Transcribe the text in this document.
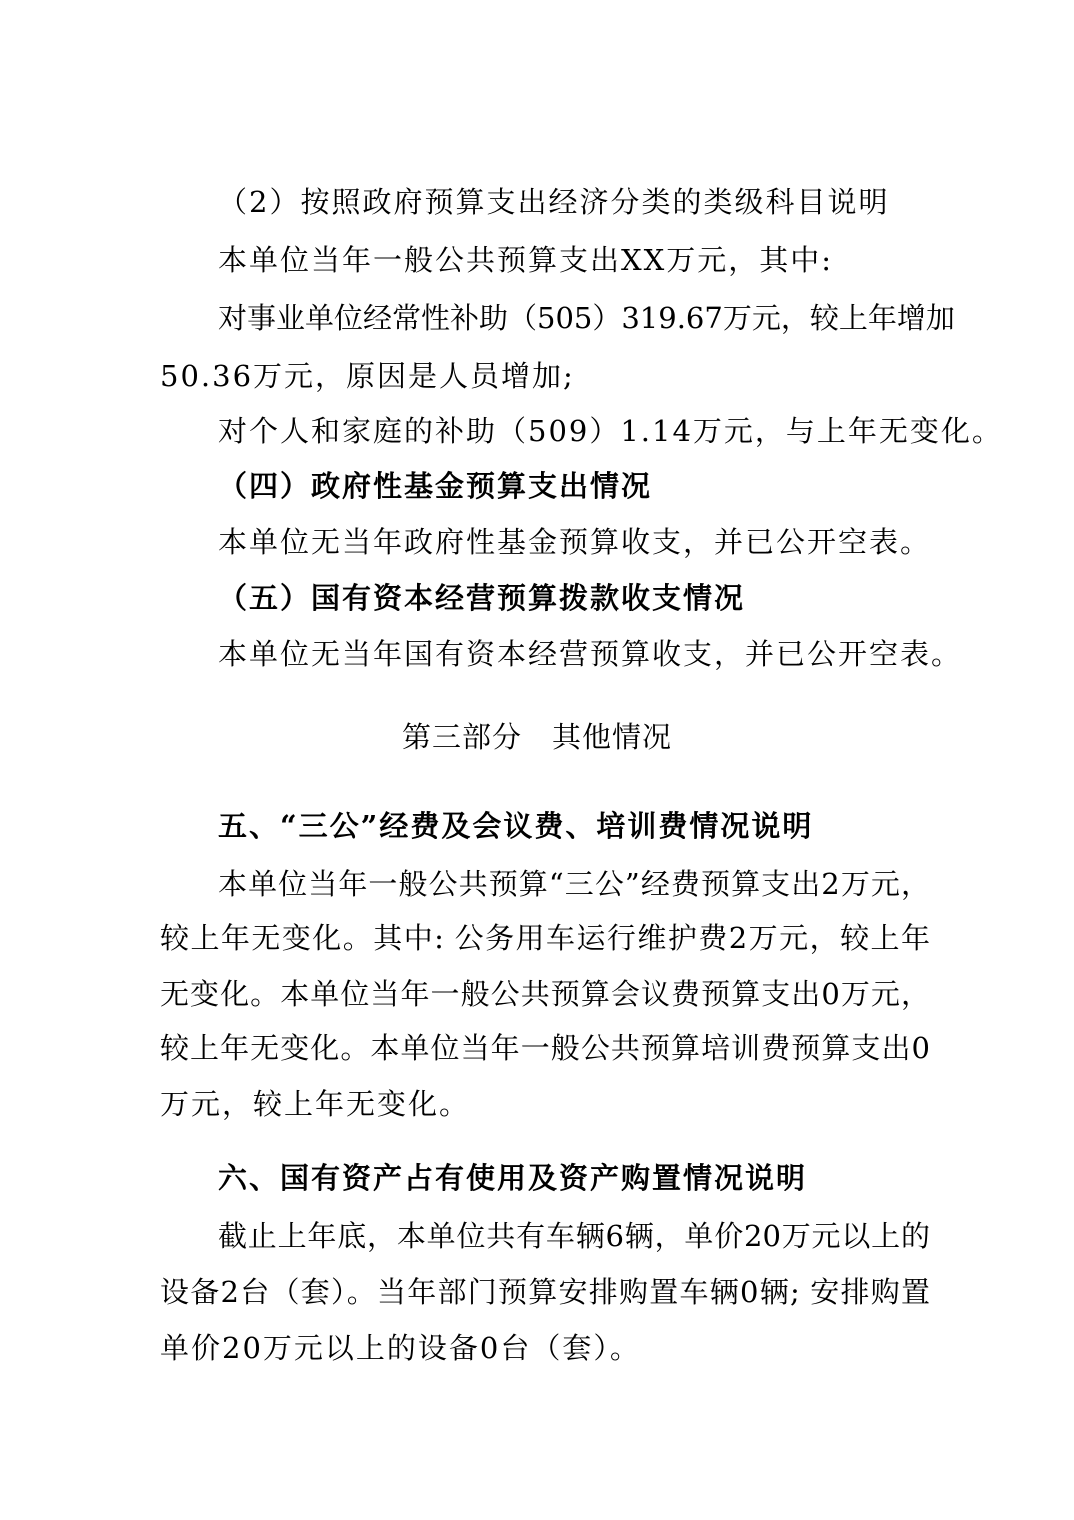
（2）按照政府预算支出经济分类的类级科目说明

本单位当年一般公共预算支出XX万元，其中:

对事业单位经常性补助（505）319.67万元，较上年增加

50.36万元，原因是人员增加;

对个人和家庭的补助（509）1.14万元，与上年无变化。

（四）政府性基金预算支出情况

本单位无当年政府性基金预算收支，并已公开空表。

（五）国有资本经营预算拨款收支情况

本单位无当年国有资本经营预算收支，并已公开空表。

第三部分　其他情况

五、“三公”经费及会议费、培训费情况说明

本单位当年一般公共预算“三公”经费预算支出2万元，

较上年无变化。其中: 公务用车运行维护费2万元，较上年

无变化。本单位当年一般公共预算会议费预算支出0万元，

较上年无变化。本单位当年一般公共预算培训费预算支出0

万元，较上年无变化。

六、国有资产占有使用及资产购置情况说明

截止上年底，本单位共有车辆6辆，单价20万元以上的

设备2台（套）。当年部门预算安排购置车辆0辆; 安排购置

单价20万元以上的设备0台（套）。
